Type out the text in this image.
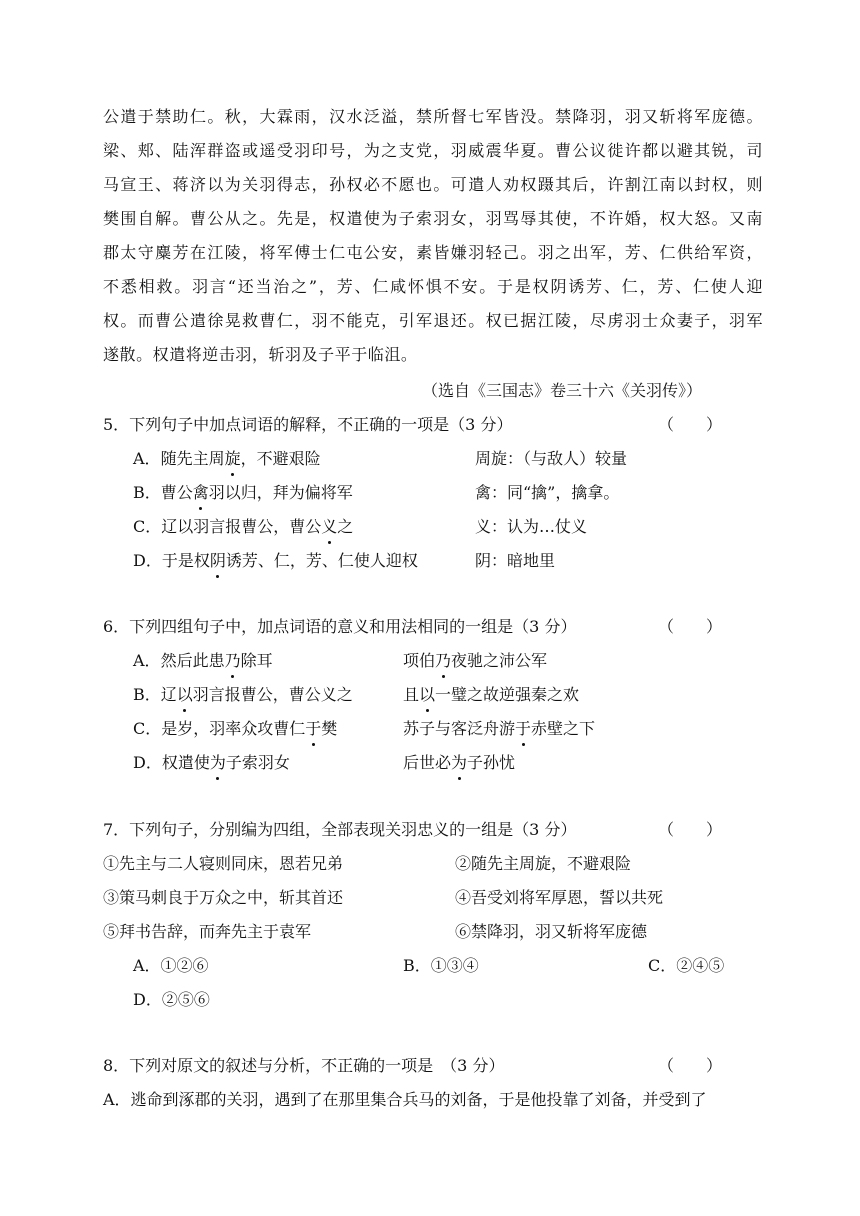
公遣于禁助仁。秋，大霖雨，汉水泛溢，禁所督七军皆没。禁降羽，羽又斩将军庞德。
梁、郏、陆浑群盗或遥受羽印号，为之支党，羽威震华夏。曹公议徙许都以避其锐，司
马宣王、蒋济以为关羽得志，孙权必不愿也。可遣人劝权蹑其后，许割江南以封权，则
樊围自解。曹公从之。先是，权遣使为子索羽女，羽骂辱其使，不许婚，权大怒。又南
郡太守麋芳在江陵，将军傅士仁屯公安，素皆嫌羽轻己。羽之出军，芳、仁供给军资，
不悉相救。羽言“还当治之”，芳、仁咸怀惧不安。于是权阴诱芳、仁，芳、仁使人迎
权。而曹公遣徐晃救曹仁，羽不能克，引军退还。权已据江陵，尽虏羽士众妻子，羽军
遂散。权遣将逆击羽，斩羽及子平于临沮。
（选自《三国志》卷三十六《关羽传》）
5．下列句子中加点词语的解释，不正确的一项是（3 分）	（　　）
A．随先主周旋，不避艰险	周旋：（与敌人）较量
B．曹公禽羽以归，拜为偏将军	禽：同“擒”，擒拿。
C．辽以羽言报曹公，曹公义之	义：认为…仗义
D．于是权阴诱芳、仁，芳、仁使人迎权	阴：暗地里
6．下列四组句子中，加点词语的意义和用法相同的一组是（3 分）	（　　）
A．然后此患乃除耳	项伯乃夜驰之沛公军
B．辽以羽言报曹公，曹公义之	且以一璧之故逆强秦之欢
C．是岁，羽率众攻曹仁于樊	苏子与客泛舟游于赤壁之下
D．权遣使为子索羽女	后世必为子孙忧
7．下列句子，分别编为四组，全部表现关羽忠义的一组是（3 分）	（　　）
①先主与二人寝则同床，恩若兄弟	②随先主周旋，不避艰险
③策马刺良于万众之中，斩其首还	④吾受刘将军厚恩，誓以共死
⑤拜书告辞，而奔先主于袁军	⑥禁降羽，羽又斩将军庞德
A．①②⑥	B．①③④	C．②④⑤
D．②⑤⑥
8．下列对原文的叙述与分析，不正确的一项是　（3 分）	（　　）
A．逃命到涿郡的关羽，遇到了在那里集合兵马的刘备，于是他投靠了刘备，并受到了
